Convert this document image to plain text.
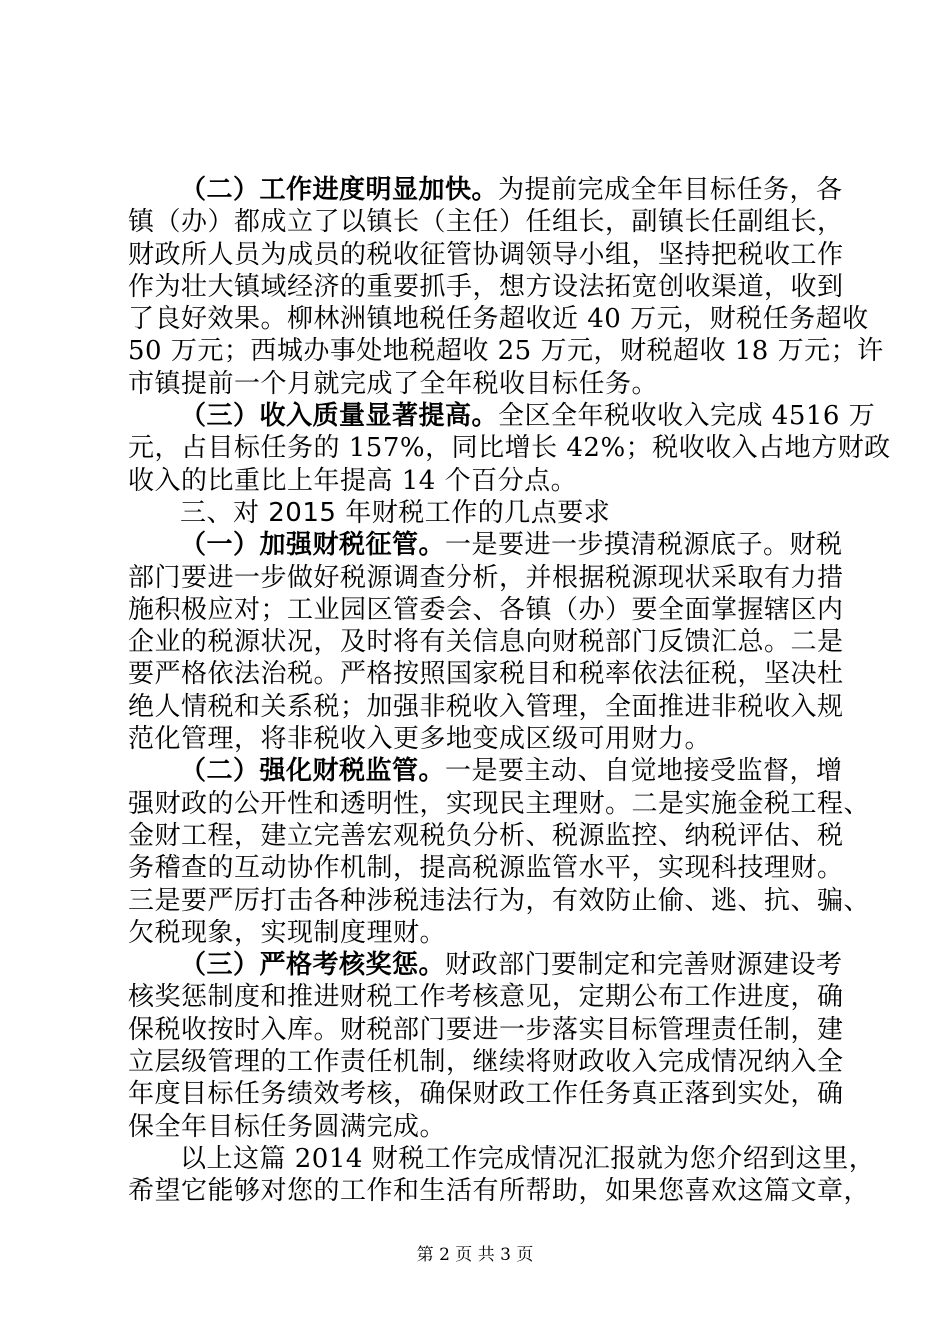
（二）工作进度明显加快。为提前完成全年目标任务，各
镇（办）都成立了以镇长（主任）任组长，副镇长任副组长，
财政所人员为成员的税收征管协调领导小组，坚持把税收工作
作为壮大镇域经济的重要抓手，想方设法拓宽创收渠道，收到
了良好效果。柳林洲镇地税任务超收近 40 万元，财税任务超收
50 万元；西城办事处地税超收 25 万元，财税超收 18 万元；许
市镇提前一个月就完成了全年税收目标任务。
（三）收入质量显著提高。全区全年税收收入完成 4516 万
元，占目标任务的 157%，同比增长 42%；税收收入占地方财政
收入的比重比上年提高 14 个百分点。
三、对 2015 年财税工作的几点要求
（一）加强财税征管。一是要进一步摸清税源底子。财税
部门要进一步做好税源调查分析，并根据税源现状采取有力措
施积极应对；工业园区管委会、各镇（办）要全面掌握辖区内
企业的税源状况，及时将有关信息向财税部门反馈汇总。二是
要严格依法治税。严格按照国家税目和税率依法征税，坚决杜
绝人情税和关系税；加强非税收入管理，全面推进非税收入规
范化管理，将非税收入更多地变成区级可用财力。
（二）强化财税监管。一是要主动、自觉地接受监督，增
强财政的公开性和透明性，实现民主理财。二是实施金税工程、
金财工程，建立完善宏观税负分析、税源监控、纳税评估、税
务稽查的互动协作机制，提高税源监管水平，实现科技理财。
三是要严厉打击各种涉税违法行为，有效防止偷、逃、抗、骗、
欠税现象，实现制度理财。
（三）严格考核奖惩。财政部门要制定和完善财源建设考
核奖惩制度和推进财税工作考核意见，定期公布工作进度，确
保税收按时入库。财税部门要进一步落实目标管理责任制，建
立层级管理的工作责任机制，继续将财政收入完成情况纳入全
年度目标任务绩效考核，确保财政工作任务真正落到实处，确
保全年目标任务圆满完成。
以上这篇 2014 财税工作完成情况汇报就为您介绍到这里，
希望它能够对您的工作和生活有所帮助，如果您喜欢这篇文章，
第 2 页 共 3 页
